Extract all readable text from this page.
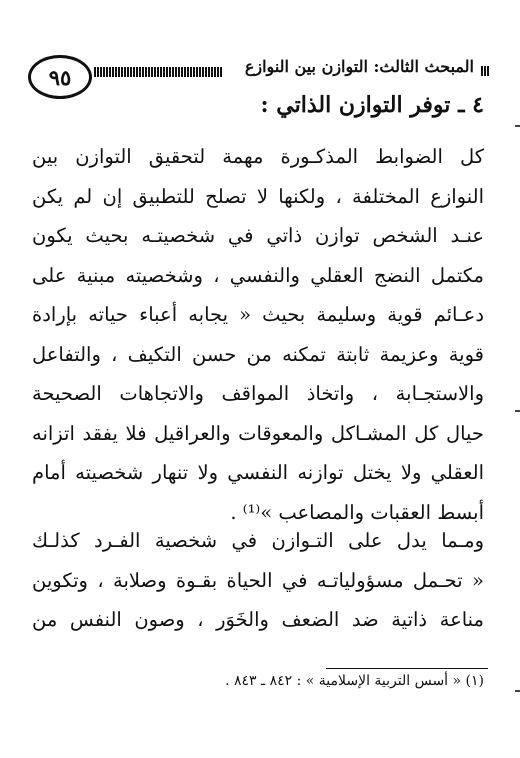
٩٥	المبحث الثالث: التوازن بين النوازع
٤ ـ توفر التوازن الذاتي :
كل الضوابط المذكـورة مهمة لتحقيق التوازن بين
النوازع المختلفة ، ولكنها لا تصلح للتطبيق إن لم يكن
عنـد الشخص توازن ذاتي في شخصيتـه بحيث يكون
مكتمل النضج العقلي والنفسي ، وشخصيته مبنية على
دعـائم قوية وسليمة بحيث « يجابه أعباء حياته بإرادة
قوية وعزيمة ثابتة تمكنه من حسن التكيف ، والتفاعل
والاستجـابة ، واتخاذ المواقف والاتجاهات الصحيحة
حيال كل المشـاكل والمعوقات والعراقيل فلا يفقد اتزانه
العقلي ولا يختل توازنه النفسي ولا تنهار شخصيته أمام
أبسط العقبات والمصاعب »⁽¹⁾ .
ومـما يدل على التـوازن في شخصية الفـرد كذلـك
« تحـمل مسؤولياتـه في الحياة بقـوة وصلابة ، وتكوين
مناعة ذاتية ضد الضعف والخَوَر ، وصون النفس من
(١) « أسس التربية الإسلامية » : ٨٤٢ ـ ٨٤٣ .
